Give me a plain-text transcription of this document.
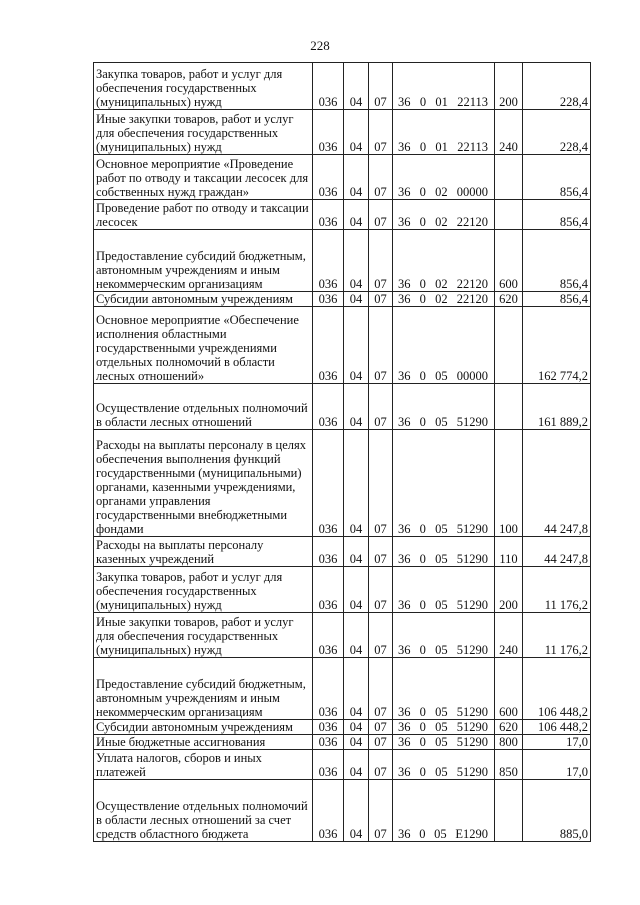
228
Закупка товаров, работ и услуг для обеспечения государственных (муниципальных) нужд	036	04	07	36 0 01 22113	200	228,4
Иные закупки товаров, работ и услуг для обеспечения государственных (муниципальных) нужд	036	04	07	36 0 01 22113	240	228,4
Основное мероприятие «Проведение работ по отводу и таксации лесосек для собственных нужд граждан»	036	04	07	36 0 02 00000		856,4
Проведение работ по отводу и таксации лесосек	036	04	07	36 0 02 22120		856,4
Предоставление субсидий бюджетным, автономным учреждениям и иным некоммерческим организациям	036	04	07	36 0 02 22120	600	856,4
Субсидии автономным учреждениям	036	04	07	36 0 02 22120	620	856,4
Основное мероприятие «Обеспечение исполнения областными государственными учреждениями отдельных полномочий в области лесных отношений»	036	04	07	36 0 05 00000		162 774,2
Осуществление отдельных полномочий в области лесных отношений	036	04	07	36 0 05 51290		161 889,2
Расходы на выплаты персоналу в целях обеспечения выполнения функций государственными (муниципальными) органами, казенными учреждениями, органами управления государственными внебюджетными фондами	036	04	07	36 0 05 51290	100	44 247,8
Расходы на выплаты персоналу казенных учреждений	036	04	07	36 0 05 51290	110	44 247,8
Закупка товаров, работ и услуг для обеспечения государственных (муниципальных) нужд	036	04	07	36 0 05 51290	200	11 176,2
Иные закупки товаров, работ и услуг для обеспечения государственных (муниципальных) нужд	036	04	07	36 0 05 51290	240	11 176,2
Предоставление субсидий бюджетным, автономным учреждениям и иным некоммерческим организациям	036	04	07	36 0 05 51290	600	106 448,2
Субсидии автономным учреждениям	036	04	07	36 0 05 51290	620	106 448,2
Иные бюджетные ассигнования	036	04	07	36 0 05 51290	800	17,0
Уплата налогов, сборов и иных платежей	036	04	07	36 0 05 51290	850	17,0
Осуществление отдельных полномочий в области лесных отношений за счет средств областного бюджета	036	04	07	36 0 05 E1290		885,0
